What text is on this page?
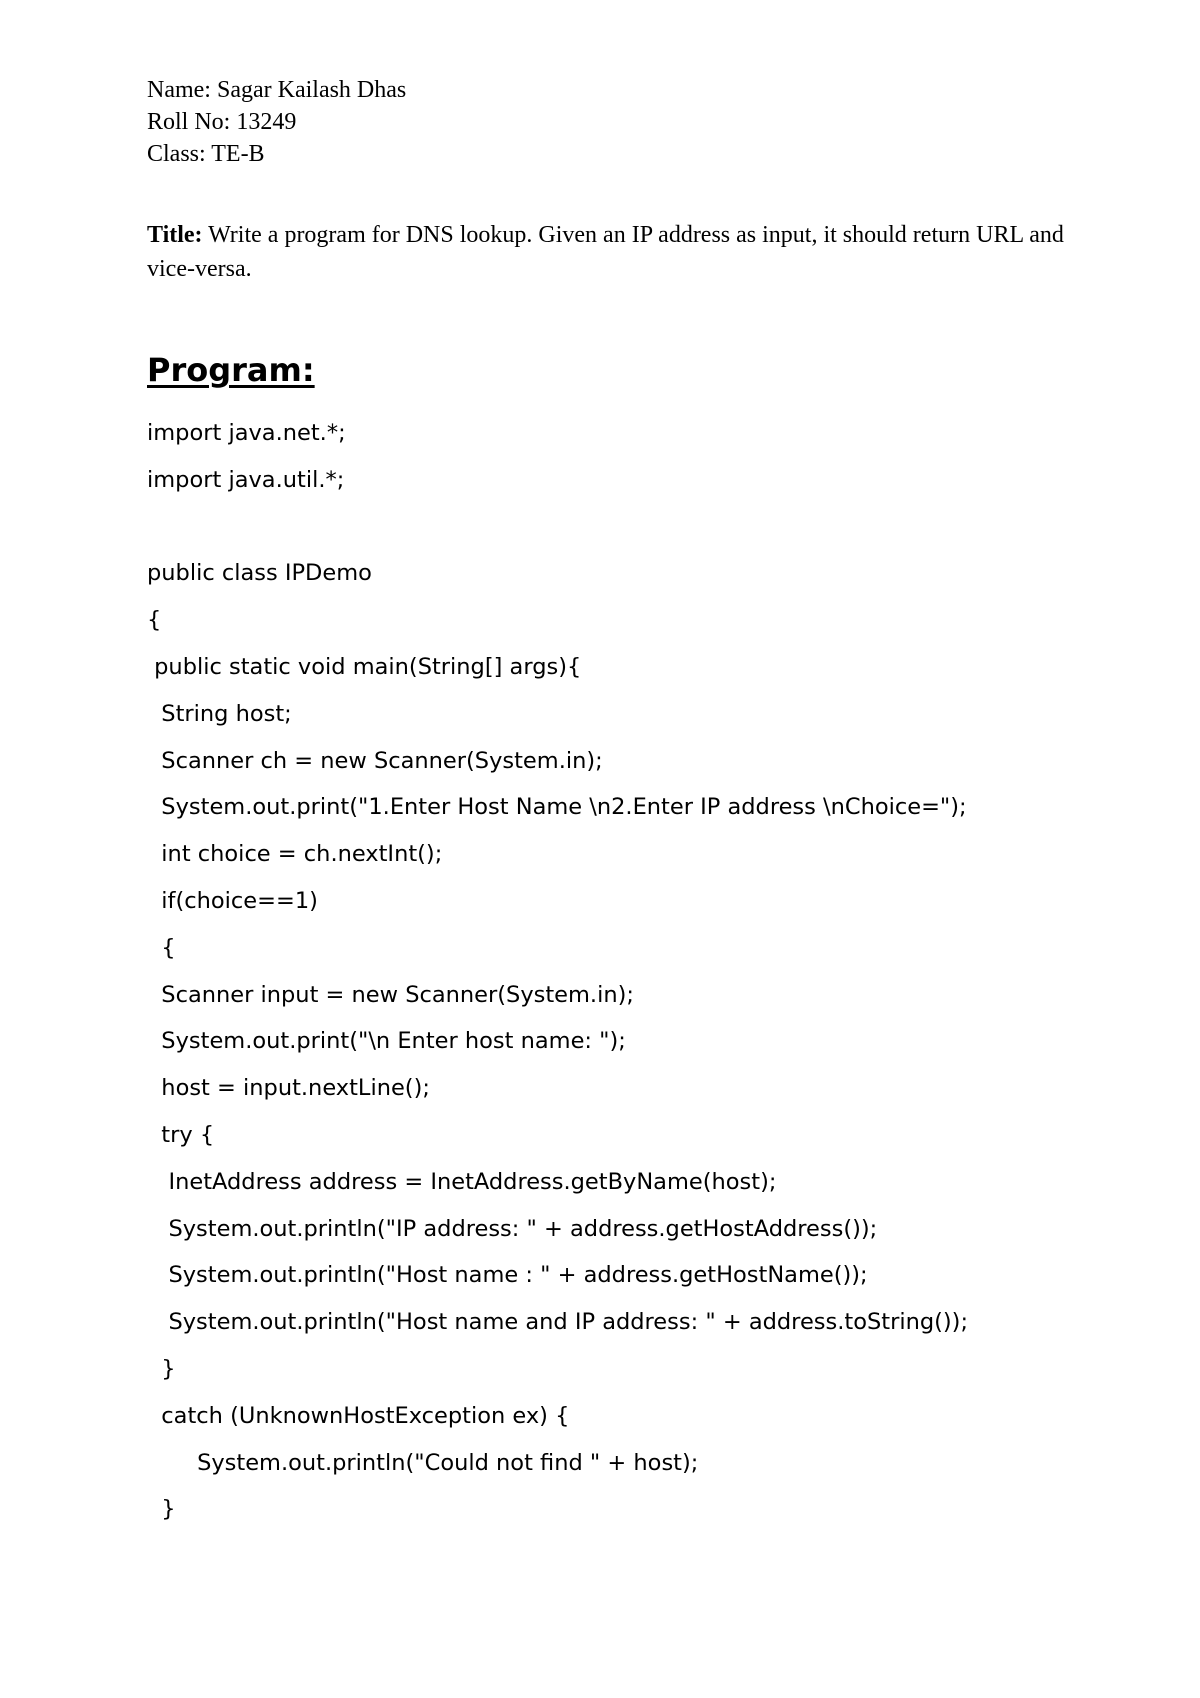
Name: Sagar Kailash Dhas
Roll No: 13249
Class: TE-B
Title: Write a program for DNS lookup. Given an IP address as input, it should return URL and vice-versa.
Program:
import java.net.*;
import java.util.*;
public class IPDemo
{
public static void main(String[] args){
String host;
Scanner ch = new Scanner(System.in);
System.out.print("1.Enter Host Name \n2.Enter IP address \nChoice=");
int choice = ch.nextInt();
if(choice==1)
{
Scanner input = new Scanner(System.in);
System.out.print("\n Enter host name: ");
host = input.nextLine();
try {
InetAddress address = InetAddress.getByName(host);
System.out.println("IP address: " + address.getHostAddress());
System.out.println("Host name : " + address.getHostName());
System.out.println("Host name and IP address: " + address.toString());
}
catch (UnknownHostException ex) {
System.out.println("Could not find " + host);
}
